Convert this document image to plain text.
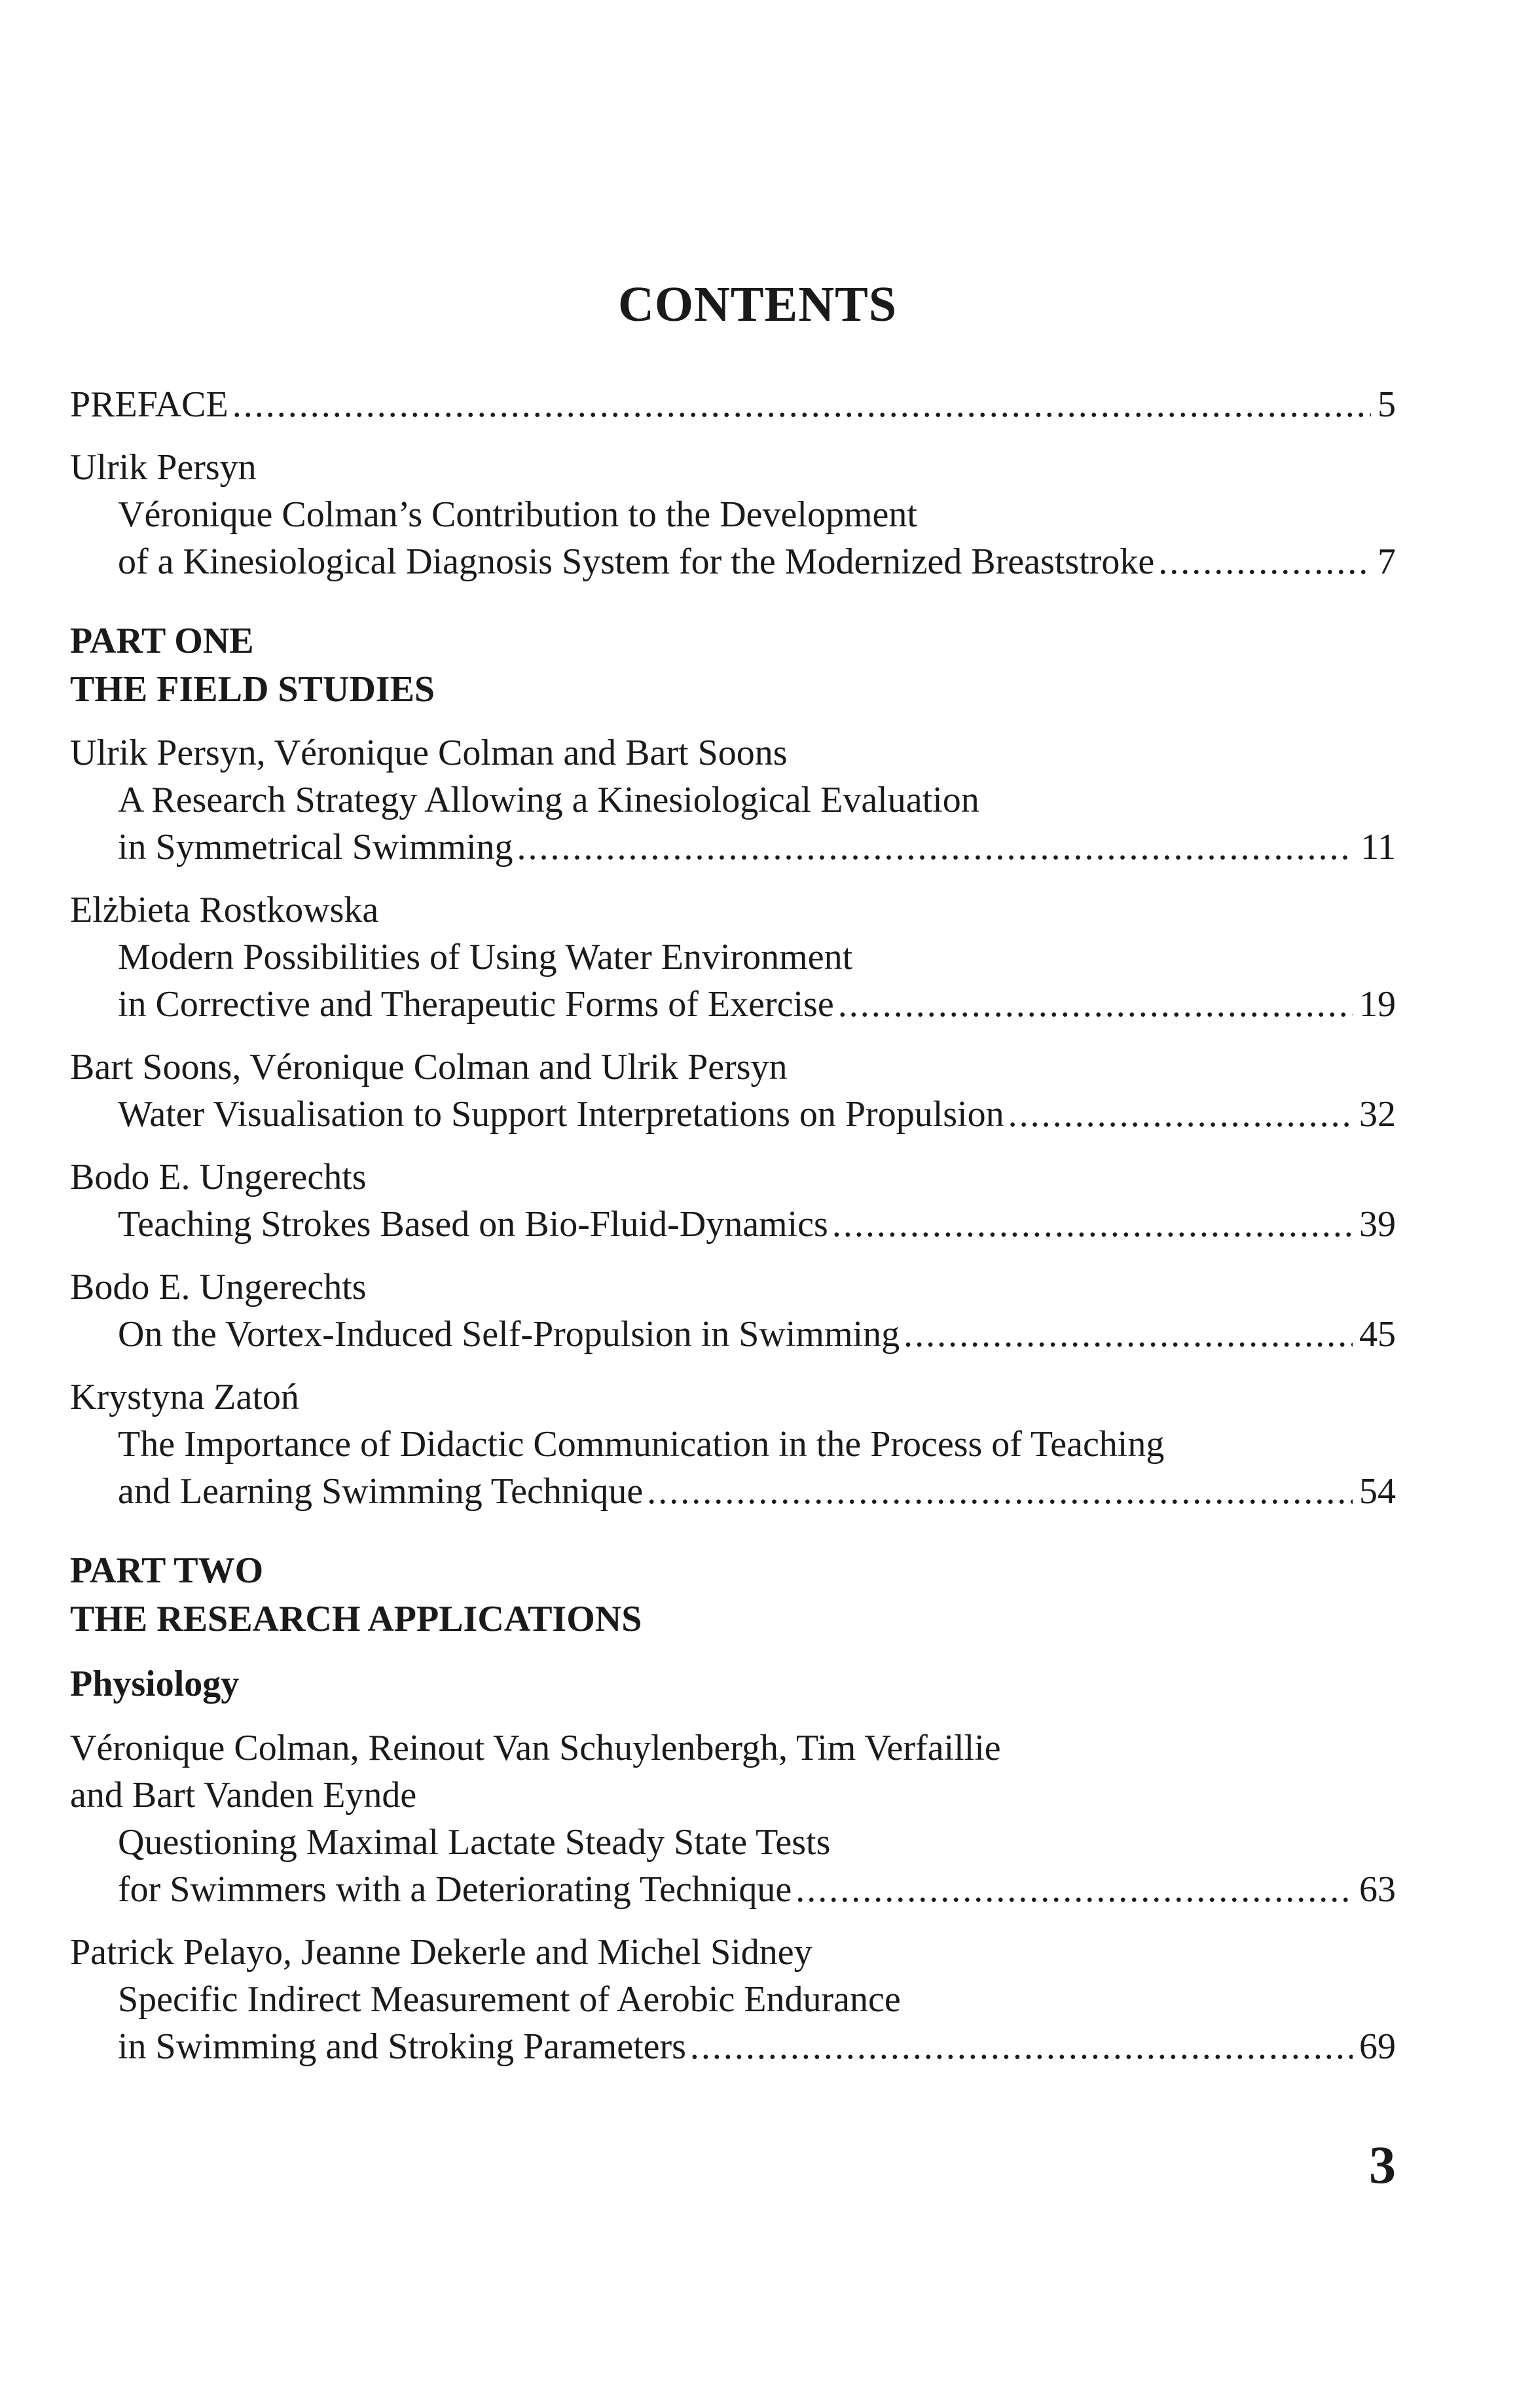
CONTENTS
PREFACE .....	5
Ulrik Persyn
Véronique Colman’s Contribution to the Development
of a Kinesiological Diagnosis System for the Modernized Breaststroke .....	7
PART ONE
THE FIELD STUDIES
Ulrik Persyn, Véronique Colman and Bart Soons
A Research Strategy Allowing a Kinesiological Evaluation
in Symmetrical Swimming .....	11
Elżbieta Rostkowska
Modern Possibilities of Using Water Environment
in Corrective and Therapeutic Forms of Exercise .....	19
Bart Soons, Véronique Colman and Ulrik Persyn
Water Visualisation to Support Interpretations on Propulsion .....	32
Bodo E. Ungerechts
Teaching Strokes Based on Bio-Fluid-Dynamics .....	39
Bodo E. Ungerechts
On the Vortex-Induced Self-Propulsion in Swimming .....	45
Krystyna Zatoń
The Importance of Didactic Communication in the Process of Teaching
and Learning Swimming Technique .....	54
PART TWO
THE RESEARCH APPLICATIONS
Physiology
Véronique Colman, Reinout Van Schuylenbergh, Tim Verfaillie
and Bart Vanden Eynde
Questioning Maximal Lactate Steady State Tests
for Swimmers with a Deteriorating Technique .....	63
Patrick Pelayo, Jeanne Dekerle and Michel Sidney
Specific Indirect Measurement of Aerobic Endurance
in Swimming and Stroking Parameters .....	69
3
